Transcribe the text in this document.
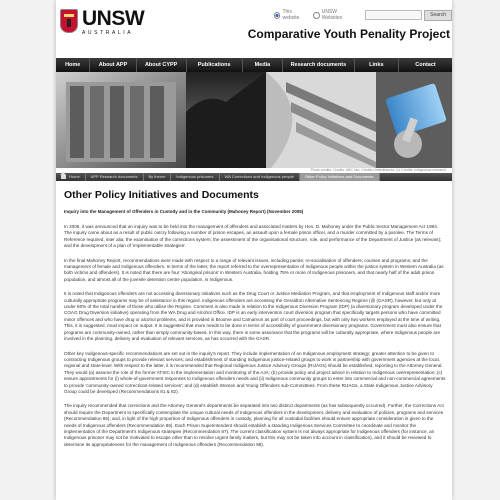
UNSW
AUSTRALIA
This website
UNSW Websites
Search
Comparative Youth Penality Project
Home	About APP	About CYPP	Publications	Media	Research documents	Links	Contact
Photo credits: Credits: ABC Net, Credits Unitedfutures, (c) Credits: Indigenous research
Home	APP Research documents	By theme	Indigenous prisoners	WA Corrections and Indigenous people	Other Policy Initiatives and Documents
Other Policy Initiatives and Documents
Inquiry into the Management of Offenders in Custody and in the Community (Mahoney Report) (November 2005)

In 2005, it was announced that an inquiry was to be held into the management of offenders and associated matters by Hon. D. Mahoney under the Public Sector Management Act 1994. The inquiry came about as a result of public outcry following a number of prison escapes, an assault upon a female prison officer, and a murder committed by a parolee. The Terms of Reference required, inter alia, the examination of the corrections system; the assessment of the organisational structure, role, and performance of the Department of Justice (as relevant); and the development of a plan of 'implementable strategies'.

In the final Mahoney Report, recommendations were made with respect to a range of relevant issues, including parole; re-socialisation of offenders; courses and programs; and the management of female and Indigenous offenders. In terms of the latter, the report referred to the overrepresentation of Indigenous people within the justice system in Western Australia (as both victims and offenders). It is noted that there are four 'Aboriginal prisons' in Western Australia, holding 75% or more of Indigenous prisoners, and that nearly half of the adult prison population, and almost all of the juvenile detention centre population, is Indigenous.

It is noted that Indigenous offenders are not accessing diversionary initiatives such as the Drug Court or Justice Mediation Program, and that employment of Indigenous staff and/or more culturally appropriate programs may be of assistance in this regard. Indigenous offenders are accessing the Geraldton Alternative Sentencing Regime (@ (GASR), however, but only at under 50% of the total number of those who utilise the Regime. Comment is also made in relation to the Indigenous Diversion Program (IDP) (a diversionary program developed under the COAG Drug Diversion initiative) operating from the WA Drug and Alcohol Office. IDP is an early intervention court diversion program that specifically targets persons who have committed minor offences and who have drug or alcohol problems, and is provided in Broome and Carnarvon as part of court proceedings, but with only two workers employed at the time of writing. This, it is suggested, must impact on output. It is suggested that more needs to be done in terms of accessibility of government diversionary programs. Government must also ensure that programs are community-owned, rather than simply community-based. In this way, there is some assurance that the programs will be culturally appropriate, where Indigenous people are involved in the planning, delivery and evaluation of relevant services, as has occurred with the GASR.

Other key Indigenous-specific recommendations are set out in the inquiry's report. They include implementation of an Indigenous employment strategy; greater attention to be given to contracting Indigenous groups to provide relevant services; and establishment of standing Indigenous justice-related groups to work in partnership with government agencies at the local, regional and state-level. With respect to the latter, it is recommended that Regional Indigenous Justice Advisory Groups (RIJAGs) should be established, reporting to the Attorney General. They would (a) assume the role of the former ATSIC in the implementation and monitoring of the AJA; (b) provide policy and project advice in relation to Indigenous overrepresentation; (c) ensure appointments for (i) whole-of-government responses to Indigenous offenders needs and (ii) Indigenous community groups to enter into commercial and non-commercial agreements to provide 'community-owned corrections-related services'; and (d) establish Women and Young Offenders sub-Committees. From these RIJAGs, a State Indigenous Justice Advisory Group could be developed (Recommendations 81 & 82).

The inquiry recommended that corrections and the Attorney General's departments be separated into two distinct departments (as has subsequently occurred). Further, the Corrections Act should require the Department to specifically contemplate the unique cultural needs of Indigenous offenders in the development, delivery and evaluation of policies, programs and services (Recommendation 85); and, in light of the high proportion of Indigenous offenders in custody, planning for all custodial facilities should ensure appropriate consideration is given to the needs of Indigenous offenders (Recommendation 86). Each Prison Superintendent should establish a standing Indigenous Services Committee to coordinate and monitor the implementation of the Department's Indigenous strategies (Recommendation 87). The current classification system is not always appropriate for Indigenous offenders (for instance, an Indigenous prisoner may not be motivated to escape other than to resolve urgent family matters, but this may not be taken into account in classification), and it should be reviewed to determine its appropriateness for the management of Indigenous offenders (Recommendation 88).
